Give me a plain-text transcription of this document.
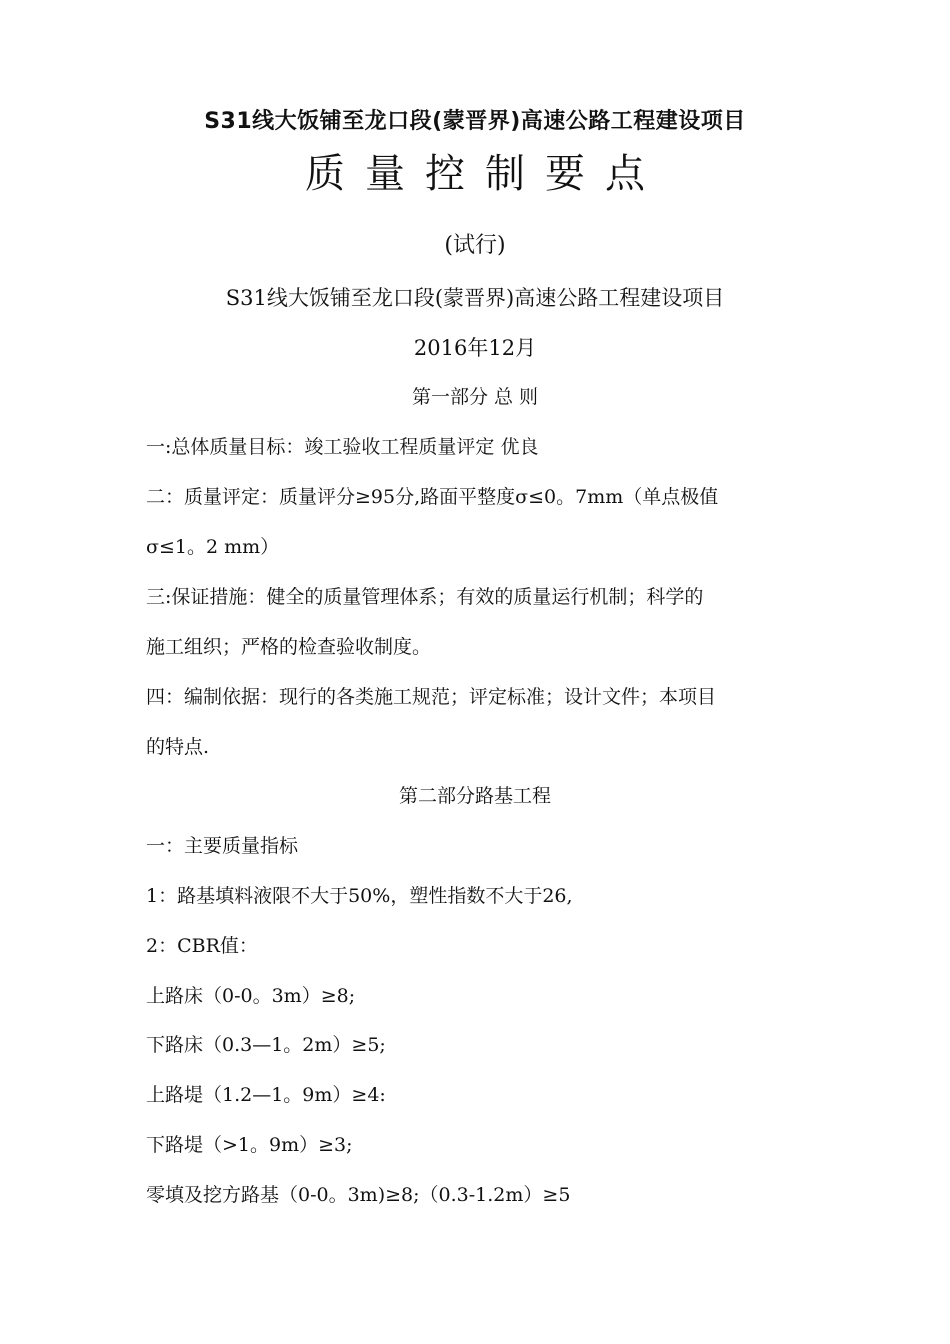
S31线大饭铺至龙口段(蒙晋界)高速公路工程建设项目
质量控制要点
(试行)
S31线大饭铺至龙口段(蒙晋界)高速公路工程建设项目
2016年12月
第一部分 总 则
一:总体质量目标：竣工验收工程质量评定 优良
二：质量评定：质量评分≥95分,路面平整度σ≤0。7mm（单点极值
σ≤1。2 mm）
三:保证措施：健全的质量管理体系；有效的质量运行机制；科学的
施工组织；严格的检查验收制度。
四：编制依据：现行的各类施工规范；评定标准；设计文件；本项目
的特点.
第二部分路基工程
一：主要质量指标
1：路基填料液限不大于50%，塑性指数不大于26,
2：CBR值：
上路床（0-0。3m）≥8;
下路床（0.3—1。2m）≥5;
上路堤（1.2—1。9m）≥4:
下路堤（>1。9m）≥3;
零填及挖方路基（0-0。3m)≥8;（0.3-1.2m）≥5
